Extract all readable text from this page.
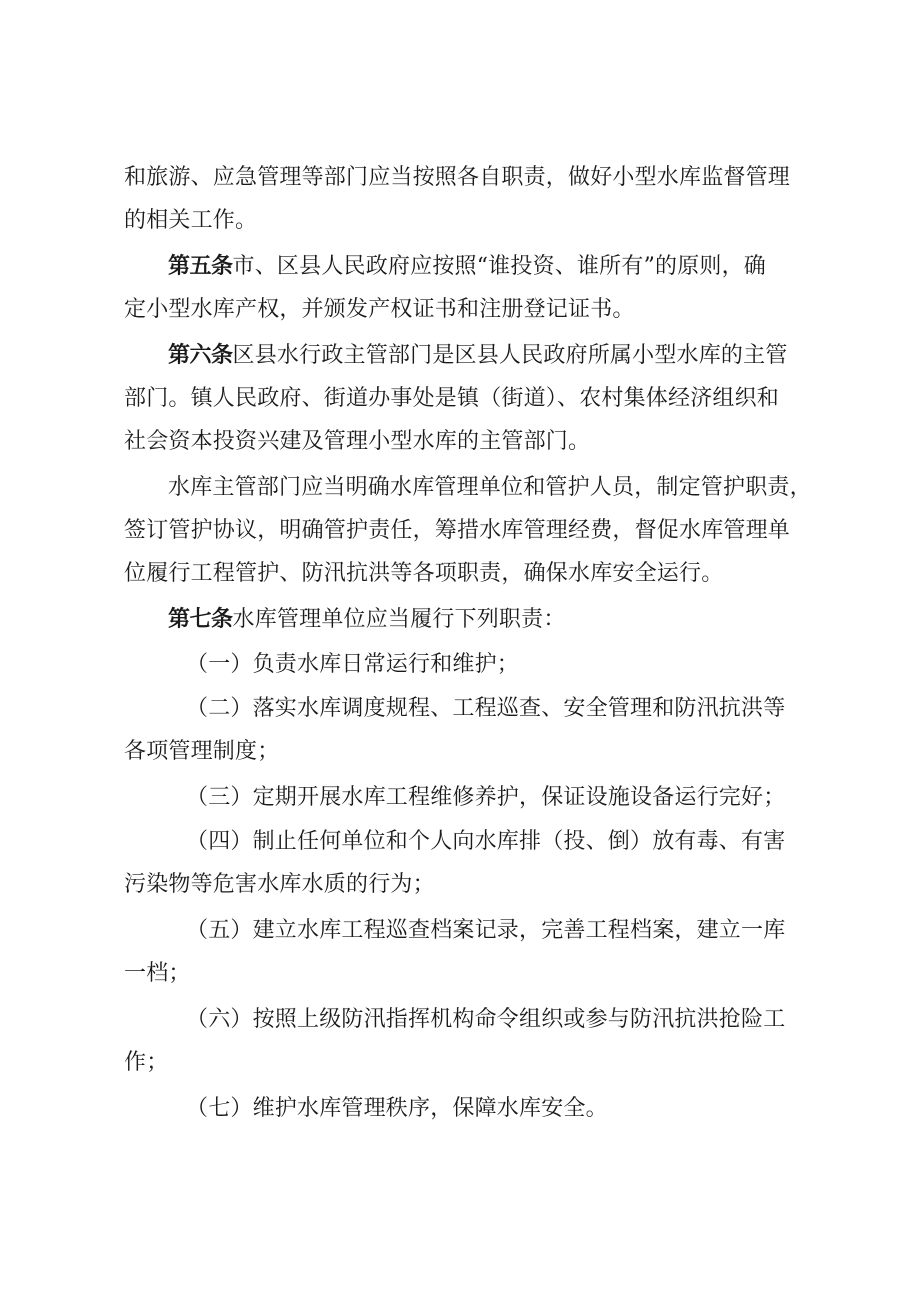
和旅游、应急管理等部门应当按照各自职责，做好小型水库监督管理
的相关工作。
第五条市、区县人民政府应按照“谁投资、谁所有”的原则，确
定小型水库产权，并颁发产权证书和注册登记证书。
第六条区县水行政主管部门是区县人民政府所属小型水库的主管
部门。镇人民政府、街道办事处是镇（街道）、农村集体经济组织和
社会资本投资兴建及管理小型水库的主管部门。
水库主管部门应当明确水库管理单位和管护人员，制定管护职责，
签订管护协议，明确管护责任，筹措水库管理经费，督促水库管理单
位履行工程管护、防汛抗洪等各项职责，确保水库安全运行。
第七条水库管理单位应当履行下列职责：
（一）负责水库日常运行和维护；
（二）落实水库调度规程、工程巡查、安全管理和防汛抗洪等
各项管理制度；
（三）定期开展水库工程维修养护，保证设施设备运行完好；
（四）制止任何单位和个人向水库排（投、倒）放有毒、有害
污染物等危害水库水质的行为；
（五）建立水库工程巡查档案记录，完善工程档案，建立一库
一档；
（六）按照上级防汛指挥机构命令组织或参与防汛抗洪抢险工
作；
（七）维护水库管理秩序，保障水库安全。
